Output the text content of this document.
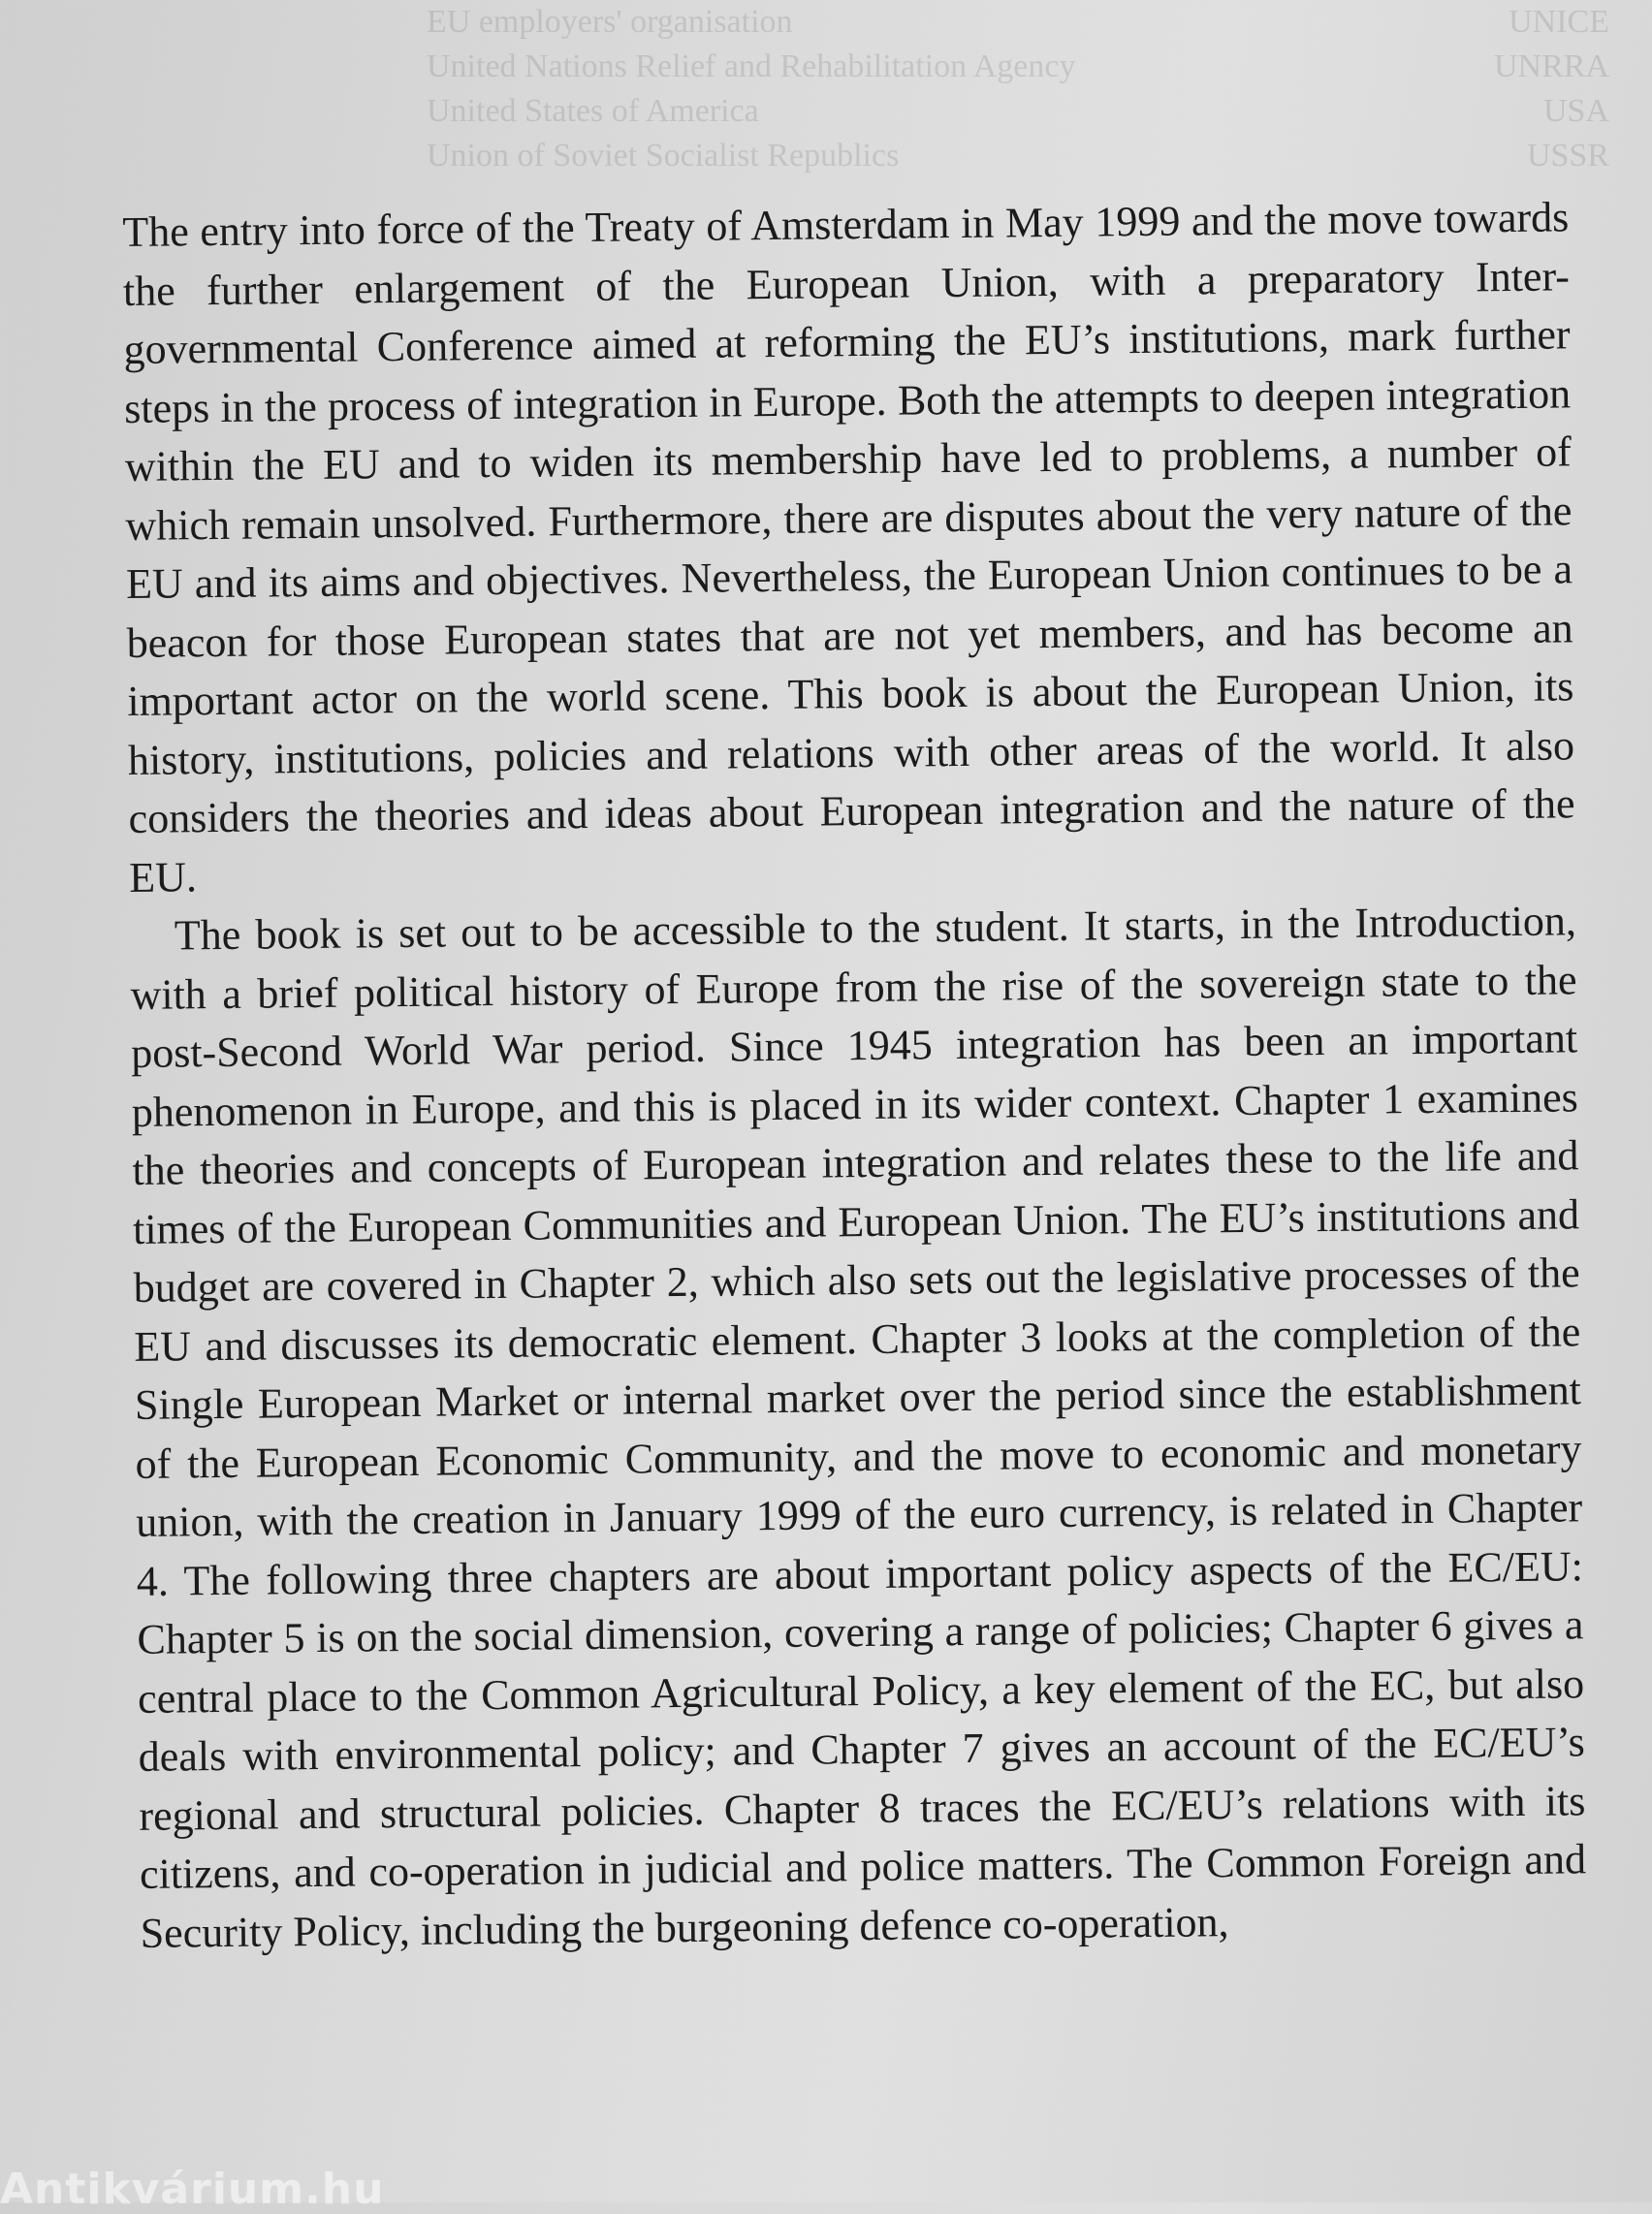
UNICE
EU employers' organisation
UNRRA
United Nations Relief and Rehabilitation Agency
USA
United States of America
USSR
Union of Soviet Socialist Republics

The entry into force of the Treaty of Amsterdam in May 1999 and the move towards the further enlargement of the European Union, with a preparatory Inter-governmental Conference aimed at reforming the EU’s institutions, mark further steps in the process of integration in Europe. Both the attempts to deepen integration within the EU and to widen its membership have led to problems, a number of which remain unsolved. Furthermore, there are disputes about the very nature of the EU and its aims and objectives. Nevertheless, the European Union continues to be a beacon for those European states that are not yet members, and has become an important actor on the world scene. This book is about the European Union, its history, institutions, policies and relations with other areas of the world. It also considers the theories and ideas about European integration and the nature of the EU.

The book is set out to be accessible to the student. It starts, in the Introduction, with a brief political history of Europe from the rise of the sovereign state to the post-Second World War period. Since 1945 integration has been an important phenomenon in Europe, and this is placed in its wider context. Chapter 1 examines the theories and concepts of European integration and relates these to the life and times of the European Communities and European Union. The EU’s institutions and budget are covered in Chapter 2, which also sets out the legislative processes of the EU and discusses its democratic element. Chapter 3 looks at the completion of the Single European Market or internal market over the period since the establishment of the European Economic Community, and the move to economic and monetary union, with the creation in January 1999 of the euro currency, is related in Chapter 4. The following three chapters are about important policy aspects of the EC/EU: Chapter 5 is on the social dimension, covering a range of policies; Chapter 6 gives a central place to the Common Agricultural Policy, a key element of the EC, but also deals with environmental policy; and Chapter 7 gives an account of the EC/EU’s regional and structural policies. Chapter 8 traces the EC/EU’s relations with its citizens, and co-operation in judicial and police matters. The Common Foreign and Security Policy, including the burgeoning defence co-operation,

Antikvárium.hu
